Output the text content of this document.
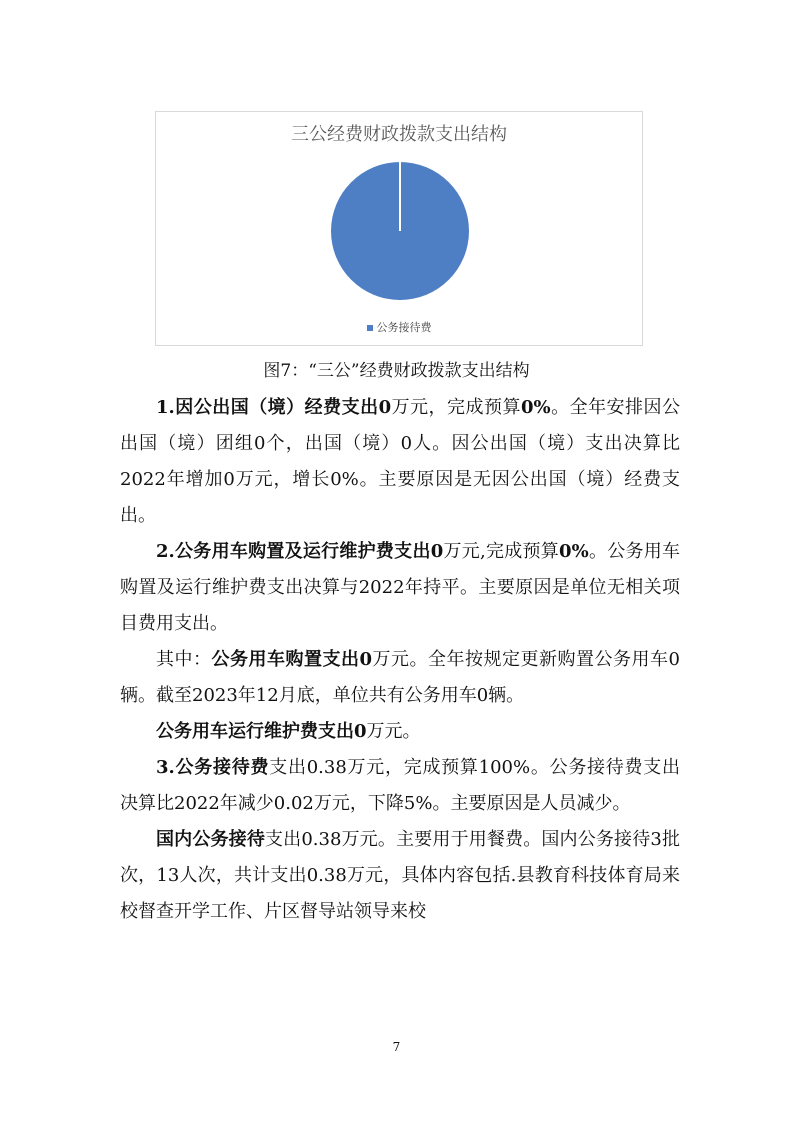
三公经费财政拨款支出结构
公务接待费
图7：“三公”经费财政拨款支出结构

1.因公出国（境）经费支出0万元，完成预算0%。全年安排因公出国（境）团组0个，出国（境）0人。因公出国（境）支出决算比2022年增加0万元，增长0%。主要原因是无因公出国（境）经费支出。

2.公务用车购置及运行维护费支出0万元,完成预算0%。公务用车购置及运行维护费支出决算与2022年持平。主要原因是单位无相关项目费用支出。

其中：公务用车购置支出0万元。全年按规定更新购置公务用车0辆。截至2023年12月底，单位共有公务用车0辆。

公务用车运行维护费支出0万元。

3.公务接待费支出0.38万元，完成预算100%。公务接待费支出决算比2022年减少0.02万元，下降5%。主要原因是人员减少。

国内公务接待支出0.38万元。主要用于用餐费。国内公务接待3批次，13人次，共计支出0.38万元，具体内容包括.县教育科技体育局来校督查开学工作、片区督导站领导来校

7
